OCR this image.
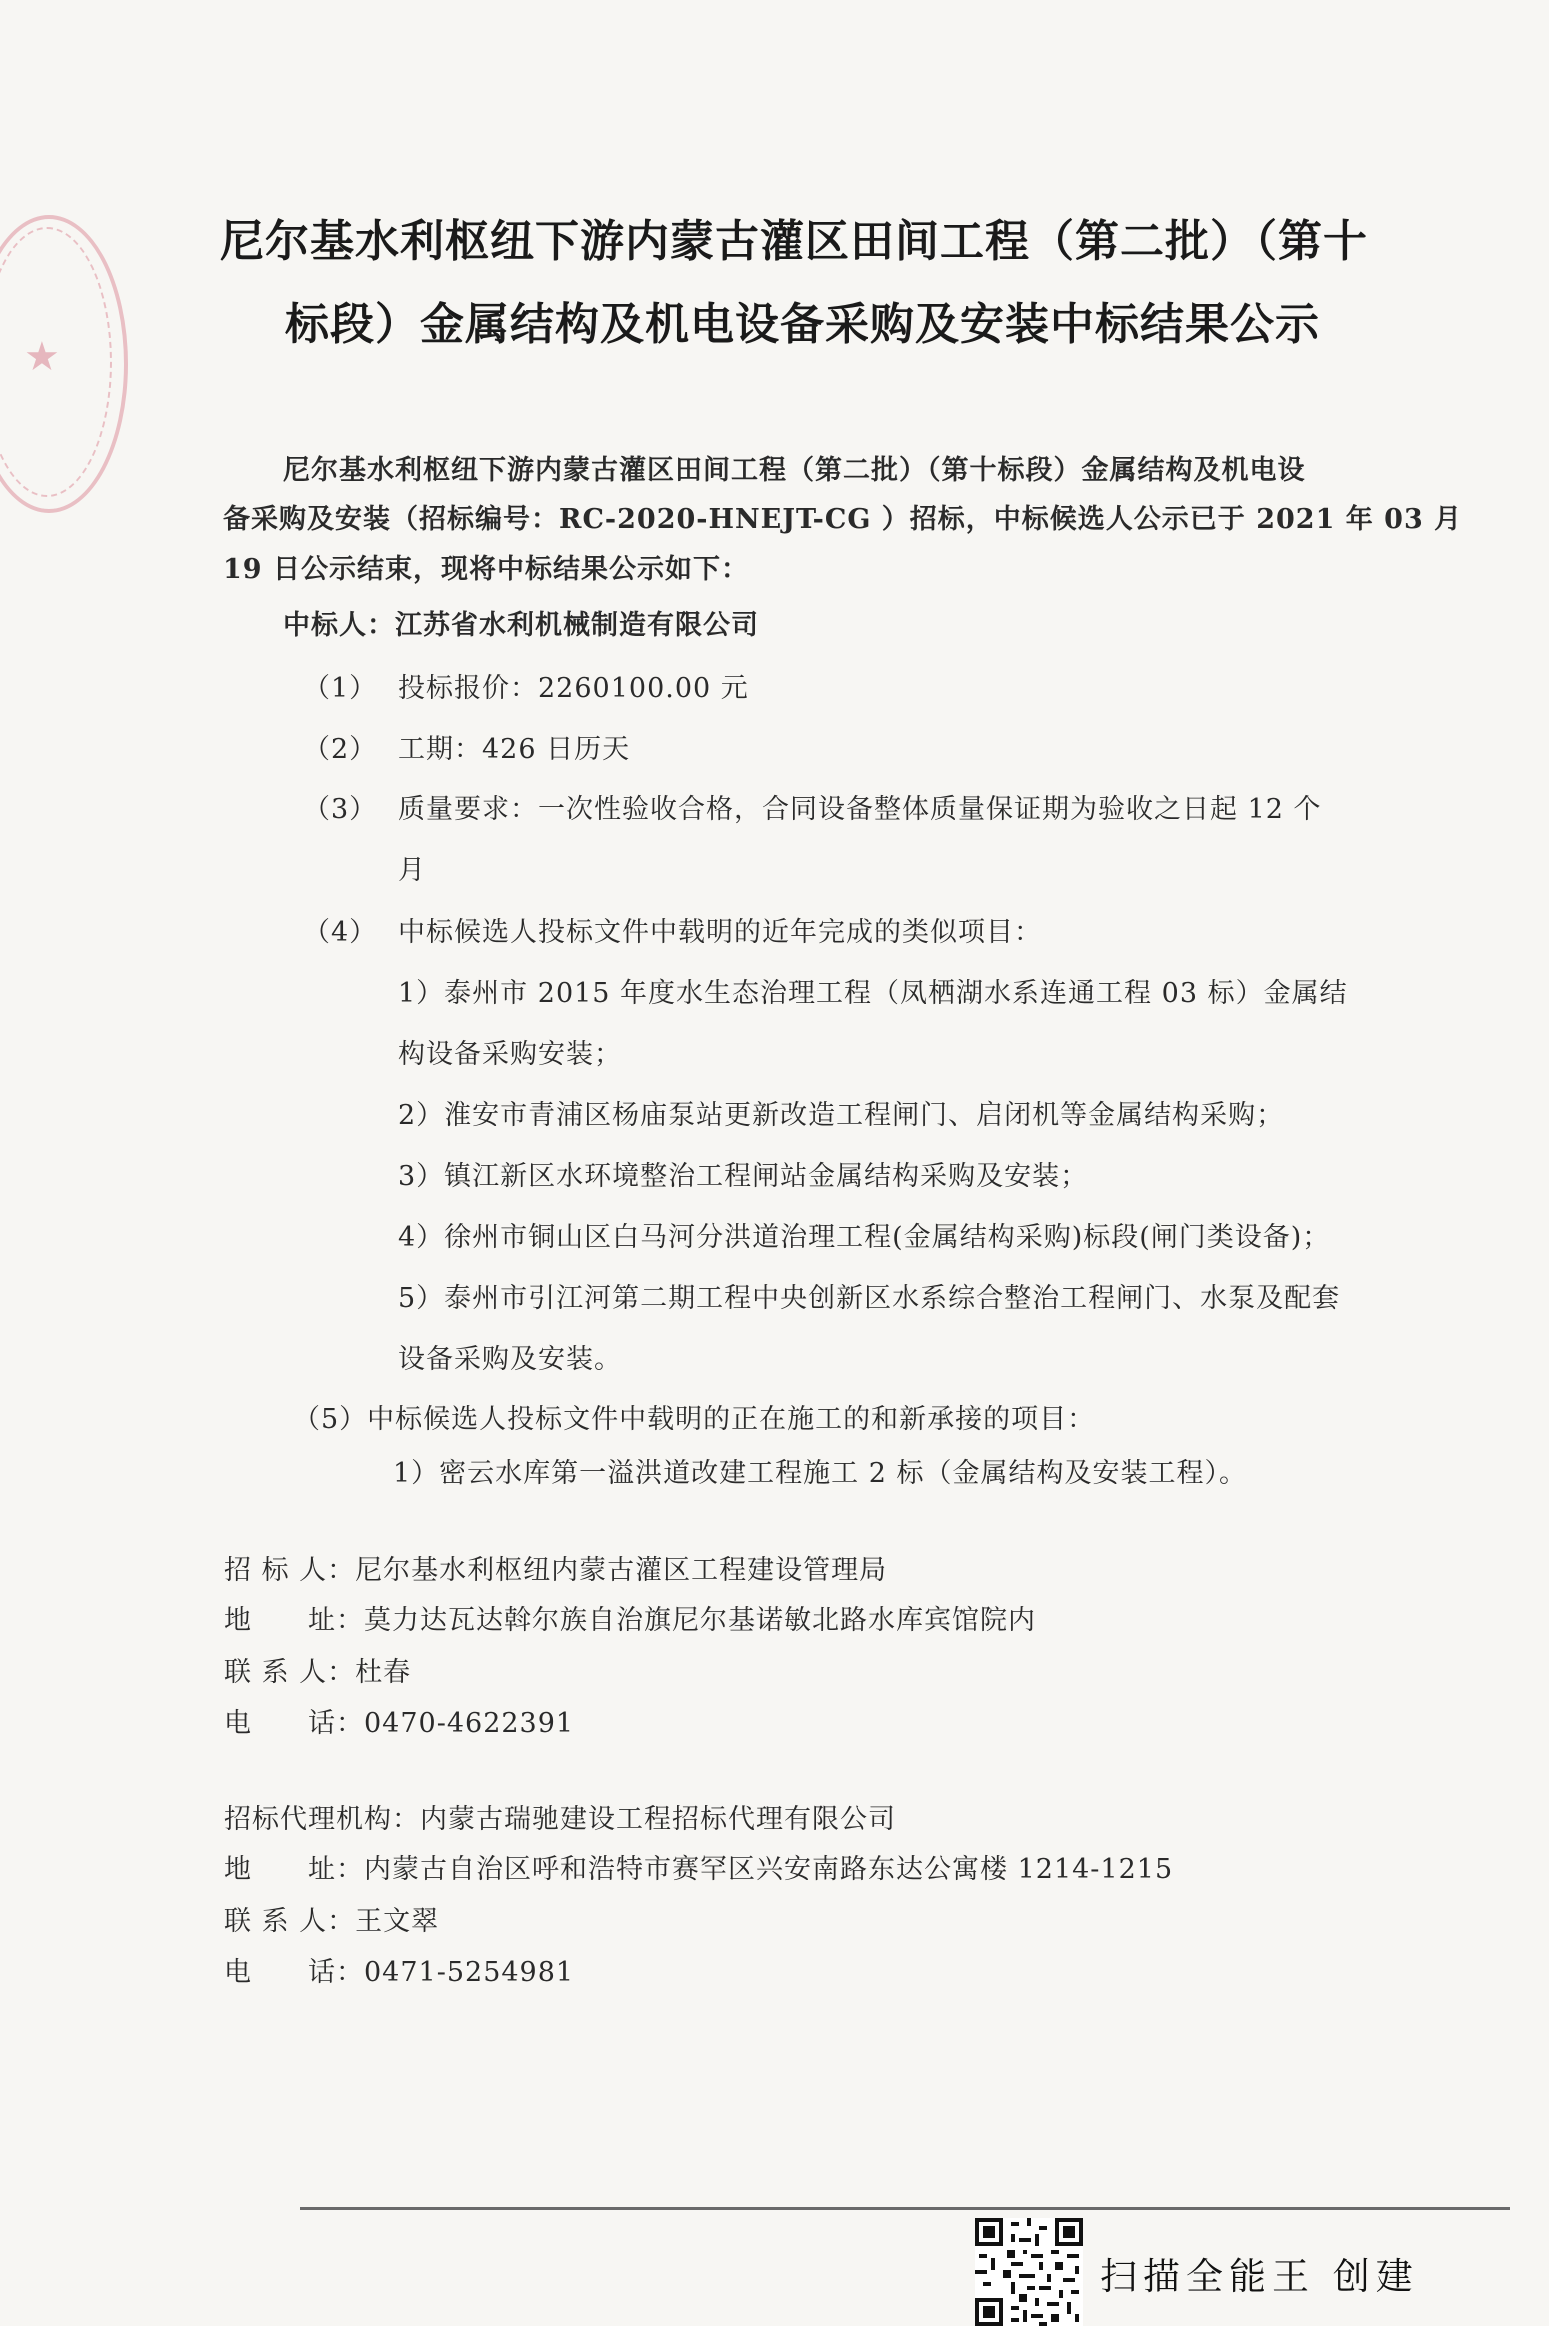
★
尼尔基水利枢纽下游内蒙古灌区田间工程（第二批）（第十
标段）金属结构及机电设备采购及安装中标结果公示
尼尔基水利枢纽下游内蒙古灌区田间工程（第二批）（第十标段）金属结构及机电设
备采购及安装（招标编号：RC-2020-HNEJT-CG ）招标，中标候选人公示已于 2021 年 03 月
19 日公示结束，现将中标结果公示如下：
中标人：江苏省水利机械制造有限公司
（1） 投标报价：2260100.00 元
（2） 工期：426 日历天
（3） 质量要求：一次性验收合格，合同设备整体质量保证期为验收之日起 12 个
月
（4） 中标候选人投标文件中载明的近年完成的类似项目：
1）泰州市 2015 年度水生态治理工程（凤栖湖水系连通工程 03 标）金属结
构设备采购安装；
2）淮安市青浦区杨庙泵站更新改造工程闸门、启闭机等金属结构采购；
3）镇江新区水环境整治工程闸站金属结构采购及安装；
4）徐州市铜山区白马河分洪道治理工程(金属结构采购)标段(闸门类设备)；
5）泰州市引江河第二期工程中央创新区水系综合整治工程闸门、水泵及配套
设备采购及安装。
（5）中标候选人投标文件中载明的正在施工的和新承接的项目：
1）密云水库第一溢洪道改建工程施工 2 标（金属结构及安装工程）。
招 标 人：尼尔基水利枢纽内蒙古灌区工程建设管理局
地　　址：莫力达瓦达斡尔族自治旗尼尔基诺敏北路水库宾馆院内
联 系 人：杜春
电　　话：0470-4622391
招标代理机构：内蒙古瑞驰建设工程招标代理有限公司
地　　址：内蒙古自治区呼和浩特市赛罕区兴安南路东达公寓楼 1214-1215
联 系 人：王文翠
电　　话：0471-5254981
扫描全能王 创建
